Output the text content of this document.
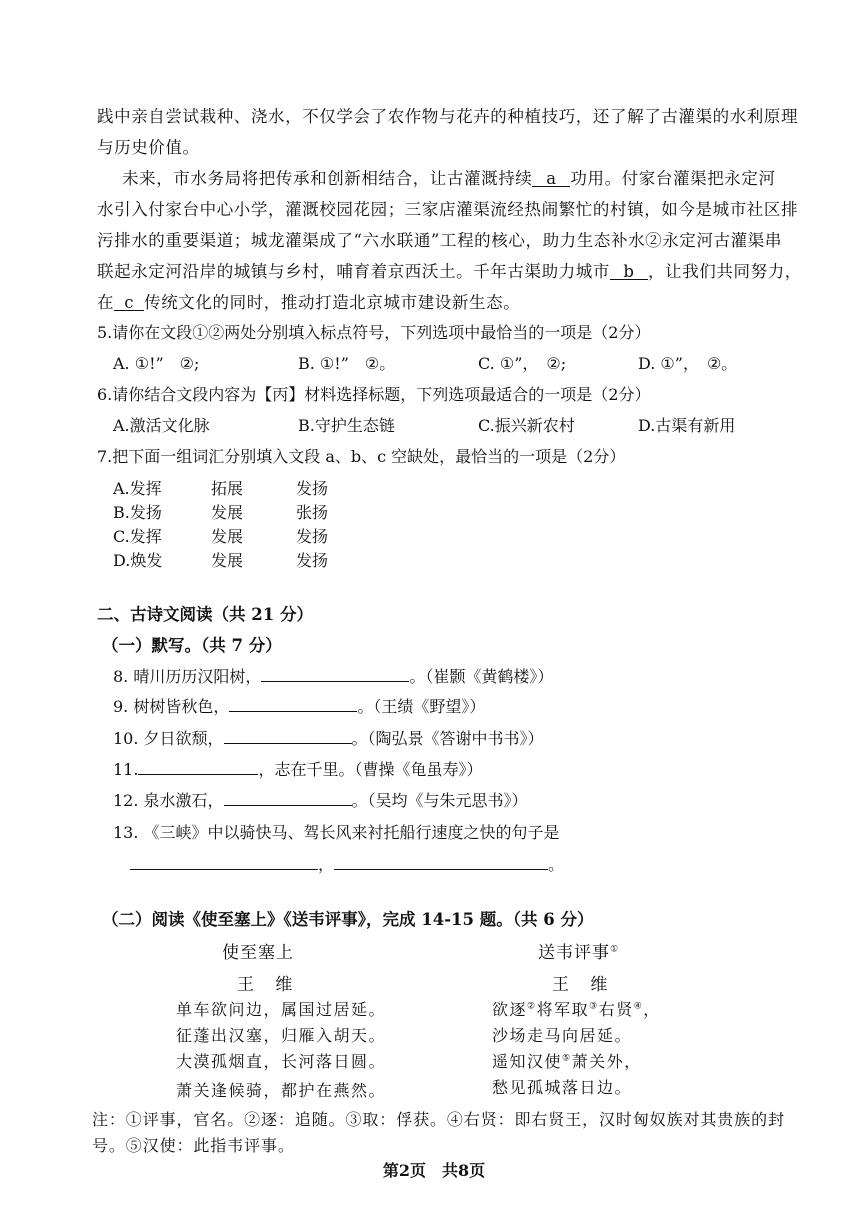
践中亲自尝试栽种、浇水，不仅学会了农作物与花卉的种植技巧，还了解了古灌渠的水利原理
与历史价值。
未来，市水务局将把传承和创新相结合，让古灌溉持续 a 功用。付家台灌渠把永定河
水引入付家台中心小学，灌溉校园花园；三家店灌渠流经热闹繁忙的村镇，如今是城市社区排
污排水的重要渠道；城龙灌渠成了“六水联通”工程的核心，助力生态补水②永定河古灌渠串
联起永定河沿岸的城镇与乡村，哺育着京西沃土。千年古渠助力城市 b ，让我们共同努力，
在 c 传统文化的同时，推动打造北京城市建设新生态。
5.请你在文段①②两处分别填入标点符号，下列选项中最恰当的一项是（2分）
A. ①!”　②;	B. ①!”　②。	C. ①”，　②;	D. ①”，　②。
6.请你结合文段内容为【丙】材料选择标题，下列选项最适合的一项是（2分）
A.激活文化脉	B.守护生态链	C.振兴新农村	D.古渠有新用
7.把下面一组词汇分别填入文段 a、b、c 空缺处，最恰当的一项是（2分）
A.发挥	拓展	发扬
B.发扬	发展	张扬
C.发挥	发展	发扬
D.焕发	发展	发扬
二、古诗文阅读（共 21 分）
（一）默写。（共 7 分）
8. 晴川历历汉阳树，	。（崔颢《黄鹤楼》）
9. 树树皆秋色，	。（王绩《野望》）
10. 夕日欲颓，	。（陶弘景《答谢中书书》）
11.	，志在千里。（曹操《龟虽寿》）
12. 泉水激石，	。（吴均《与朱元思书》）
13. 《三峡》中以骑快马、驾长风来衬托船行速度之快的句子是
，	。
（二）阅读《使至塞上》《送韦评事》，完成 14-15 题。（共 6 分）
使至塞上
王 维
单车欲问边，属国过居延。
征蓬出汉塞，归雁入胡天。
大漠孤烟直，长河落日圆。
萧关逢候骑，都护在燕然。
送韦评事①
王 维
欲逐②将军取③右贤④，
沙场走马向居延。
遥知汉使⑤萧关外，
愁见孤城落日边。
注：①评事，官名。②逐：追随。③取：俘获。④右贤：即右贤王，汉时匈奴族对其贵族的封
号。⑤汉使：此指韦评事。
第2页　共8页
